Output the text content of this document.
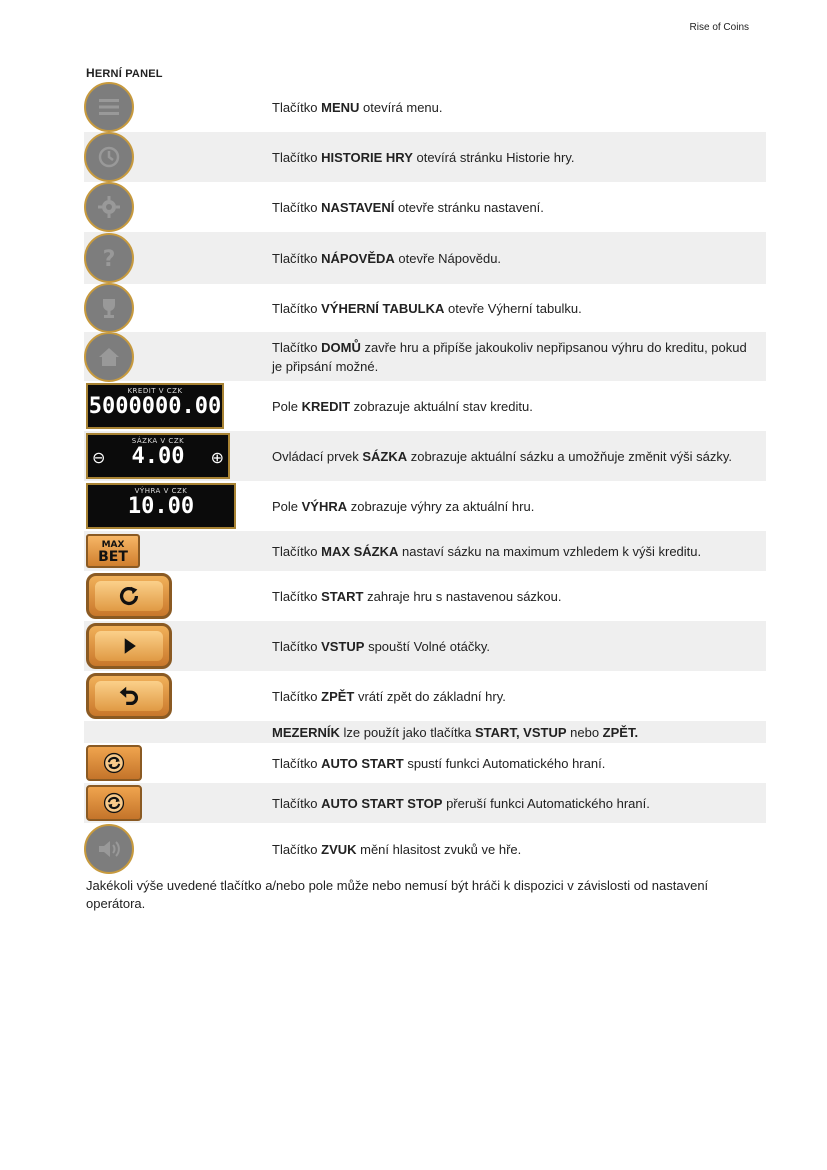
Rise of Coins
HERNÍ PANEL
Tlačítko MENU otevírá menu.
Tlačítko HISTORIE HRY otevírá stránku Historie hry.
Tlačítko NASTAVENÍ otevře stránku nastavení.
?	Tlačítko NÁPOVĚDA otevře Nápovědu.
Tlačítko VÝHERNÍ TABULKA otevře Výherní tabulku.
Tlačítko DOMŮ zavře hru a připíše jakoukoliv nepřipsanou výhru do kreditu, pokud je připsání možné.
KREDIT V CZK
5000000.00	Pole KREDIT zobrazuje aktuální stav kreditu.
SÁZKA V CZK
⊖ 4.00 ⊕	Ovládací prvek SÁZKA zobrazuje aktuální sázku a umožňuje změnit výši sázky.
VÝHRA V CZK
10.00	Pole VÝHRA zobrazuje výhry za aktuální hru.
MAX
BET	Tlačítko MAX SÁZKA nastaví sázku na maximum vzhledem k výši kreditu.
Tlačítko START zahraje hru s nastavenou sázkou.
Tlačítko VSTUP spouští Volné otáčky.
Tlačítko ZPĚT vrátí zpět do základní hry.
MEZERNÍK lze použít jako tlačítka START, VSTUP nebo ZPĚT.
Tlačítko AUTO START spustí funkci Automatického hraní.
Tlačítko AUTO START STOP přeruší funkci Automatického hraní.
Tlačítko ZVUK mění hlasitost zvuků ve hře.
Jakékoli výše uvedené tlačítko a/nebo pole může nebo nemusí být hráči k dispozici v závislosti od nastavení operátora.
